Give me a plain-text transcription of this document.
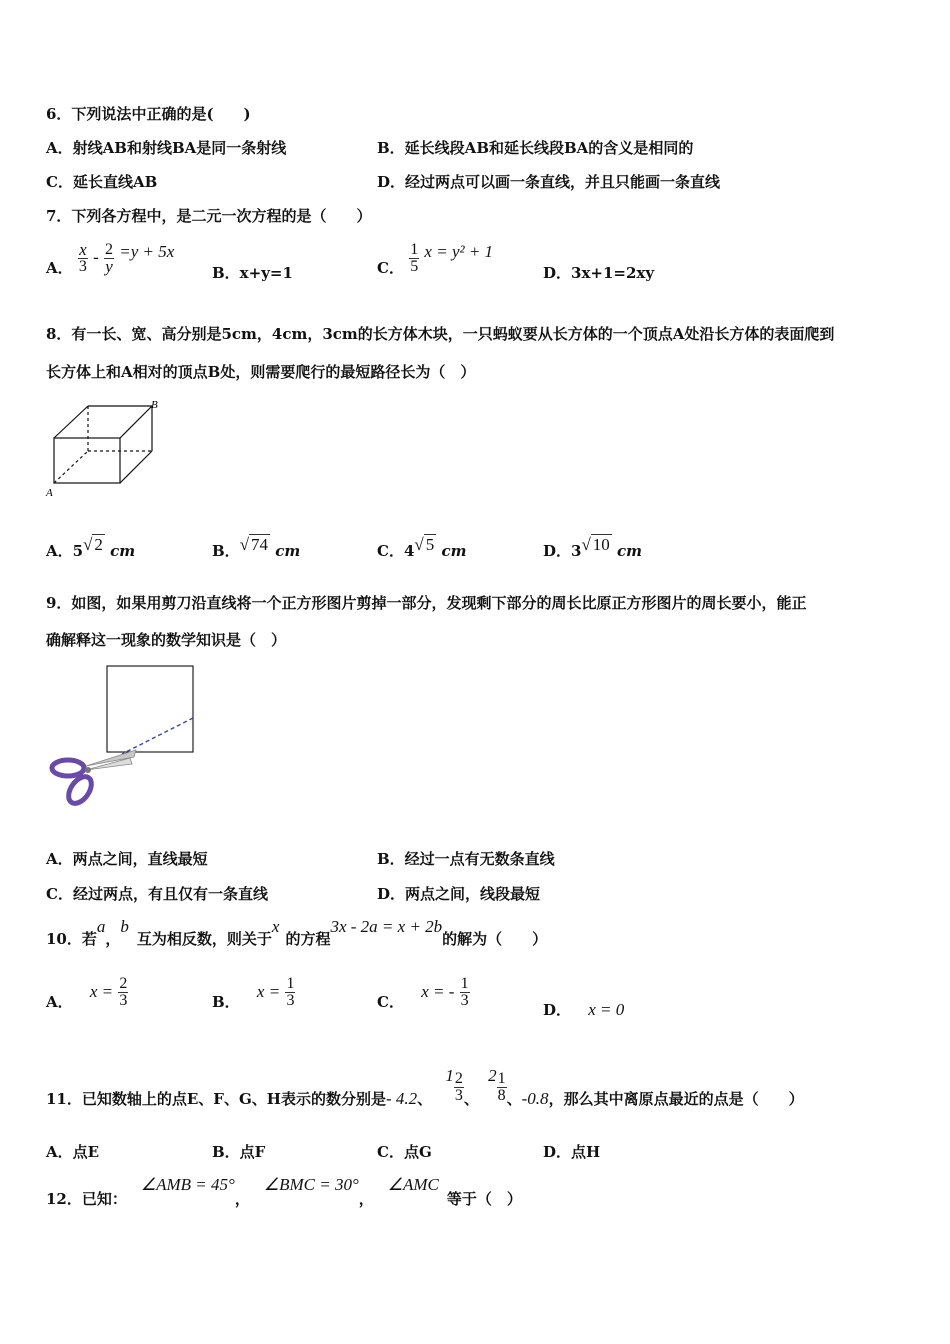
6．下列说法中正确的是(　　)
A．射线AB和射线BA是同一条射线	B．延长线段AB和延长线段BA的含义是相同的
C．延长直线AB	D．经过两点可以画一条直线，并且只能画一条直线
7．下列各方程中，是二元一次方程的是（　　）
A． $\frac{x}{3} - \frac{2}{y} =y + 5x$
B．x+y=1	C． $\frac{1}{5}$ x = y² + 1
D．3x+1=2xy
8．有一长、宽、高分别是5cm，4cm，3cm的长方体木块，一只蚂蚁要从长方体的一个顶点A处沿长方体的表面爬到
长方体上和A相对的顶点B处，则需要爬行的最短路径长为（　）
A
B
A．5√ 2 cm	B．√ 74 cm	C．4√ 5 cm	D．3√ 10 cm
9．如图，如果用剪刀沿直线将一个正方形图片剪掉一部分，发现剩下部分的周长比原正方形图片的周长要小，能正
确解释这一现象的数学知识是（　）
A．两点之间，直线最短	B．经过一点有无数条直线
C．经过两点，有且仅有一条直线	D．两点之间，线段最短
10．若a，b互为相反数，则关于x的方程3x - 2a = x + 2b的解为（　　）
A． $x = \frac{2}{3}$	B． $x = \frac{1}{3}$	C． x = - $\frac{1}{3}$
D． x = 0
11．已知数轴上的点E、F、G、H表示的数分别是- 4.2、 $1 \frac{2}{3}$ 、 $2 \frac{1}{8}$ 、-0.8，那么其中离原点最近的点是（　　）
A．点E	B．点F	C．点G	D．点H
12．已知：∠AMB = 45°，∠BMC = 30°，∠AMC等于（　）
